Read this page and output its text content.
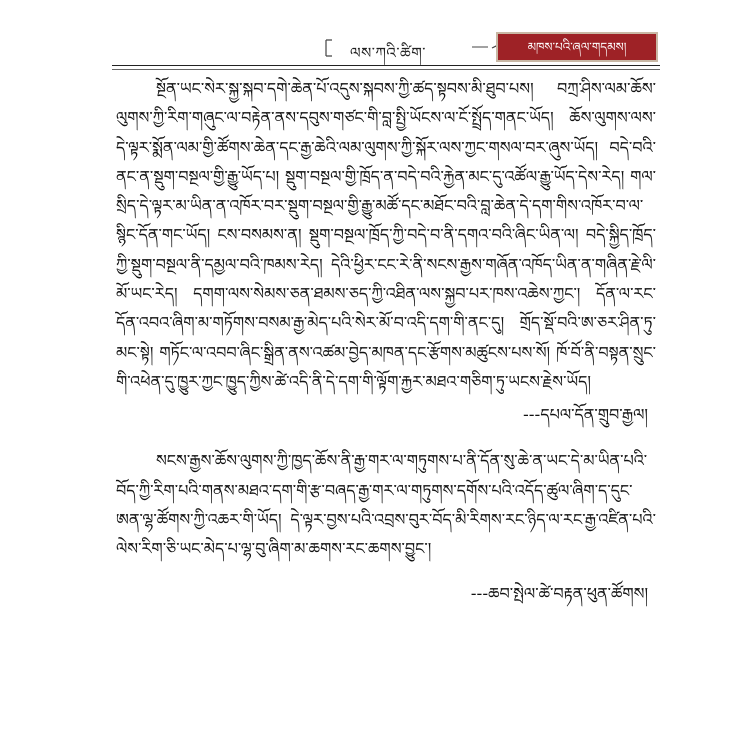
ལས་ཀའི་ཚིག་	མཁས་པའི་ཞལ་གདམས།

སྔོན་ཡང་སེར་སྐྱ་སྐབ་དགེ་ཆེན་པོ་འདུས་སྐབས་ཀྱི་ཚད་སྟབས་མི་ཐུབ་པས། བཀྲ་ཤིས་ལམ་ཆོས་ལུགས་ཀྱི་རིག་གཞུང་ལ་བརྟེན་ནས་དབུས་གཙང་གི་བླ་སྤྱི་ཡོངས་ལ་ངོ་སྤྲོད་གནང་ཡོད། ཆོས་ལུགས་ལས་དེ་ལྟར་སྨོན་ལམ་གྱི་ཚོགས་ཆེན་དང་རྒྱ་ཆེའི་ལམ་ལུགས་ཀྱི་སྐོར་ལས་ཀྱང་གསལ་བར་ཞུས་ཡོད། བདེ་བའི་ནང་ན་སྡུག་བསྔལ་གྱི་རྒྱུ་ཡོད་པ། སྡུག་བསྔལ་གྱི་ཁྲོད་ན་བདེ་བའི་རྐྱེན་མང་དུ་འཚོལ་རྒྱུ་ཡོད་དེས་རེད། གལ་སྲིད་དེ་ལྟར་མ་ཡིན་ན་འཁོར་བར་སྡུག་བསྔལ་གྱི་རྒྱུ་མཚོ་དང་མཐོང་བའི་བླ་ཆེན་དེ་དག་གིས་འཁོར་བ་ལ་སྙིང་དོན་གང་ཡོད། ངས་བསམས་ན། སྡུག་བསྔལ་ཁྲོད་ཀྱི་བདེ་བ་ནི་དགའ་བའི་ཞིང་ཡིན་ལ། བདེ་སྐྱིད་ཁྲོད་ཀྱི་སྡུག་བསྔལ་ནི་དམྱལ་བའི་ཁམས་རེད། དེའི་ཕྱིར་ངང་རེ་ནི་སངས་རྒྱས་གཞོན་འཁོད་ཡིན་ན་གཞིན་རྗེ་ལི་མོ་ཡང་རེད། དགག་ལས་སེམས་ཅན་ཐམས་ཅད་ཀྱི་འཐིན་ལས་སྐྱབ་པར་ཁས་འཆེས་ཀྱང་། དོན་ལ་རང་དོན་འབའ་ཞིག་མ་གཏོགས་བསམ་རྒྱ་མེད་པའི་སེར་མོ་བ་འདི་དག་གི་ནང་དུ། གྲོད་སྡོ་བའི་ཨ་ཅར་ཤིན་ཏུ་མང་སྟེ། གཏོང་ལ་འབབ་ཞིང་སྒྲིན་ནས་འཚམ་བྱེད་མཁན་དང་རྩོགས་མཚུངས་པས་སོ། ཁོ་བོ་ནི་བསྟན་སྲུང་གི་འཕེན་དུ་ཁྱུར་ཀྱང་ཁྱུད་ཀྱིས་ཚེ་འདི་ནི་དེ་དག་གི་ལྟོག་རྐྱར་མཐའ་གཅིག་ཏུ་ཡངས་རྗེས་ཡོད།

---དཔལ་དོན་གྲུབ་རྒྱལ།

སངས་རྒྱས་ཆོས་ལུགས་ཀྱི་ཁྱད་ཆོས་ནི་རྒྱ་གར་ལ་གཏུགས་པ་ནི་དོན་སུ་ཆེ་ན་ཡང་དེ་མ་ཡིན་པའི་བོད་ཀྱི་རིག་པའི་གནས་མཐའ་དག་གི་རྩ་བཞད་རྒྱ་གར་ལ་གཏུགས་དགོས་པའི་འདོད་ཚུལ་ཞིག་ད་དུང་ཨན་ལྷ་ཚོགས་ཀྱི་འཆར་གི་ཡོད། དེ་ལྟར་བྱས་པའི་འབྲས་བུར་བོད་མི་རིགས་རང་ཉིད་ལ་རང་རྒྱ་འཛིན་པའི་ལེས་རིག་ཅི་ཡང་མེད་པ་ལྷ་བུ་ཞིག་མ་ཆགས་རང་ཆགས་བྱུང་།

---ཆབ་སྤེལ་ཚེ་བརྟན་ཕུན་ཚོགས།
